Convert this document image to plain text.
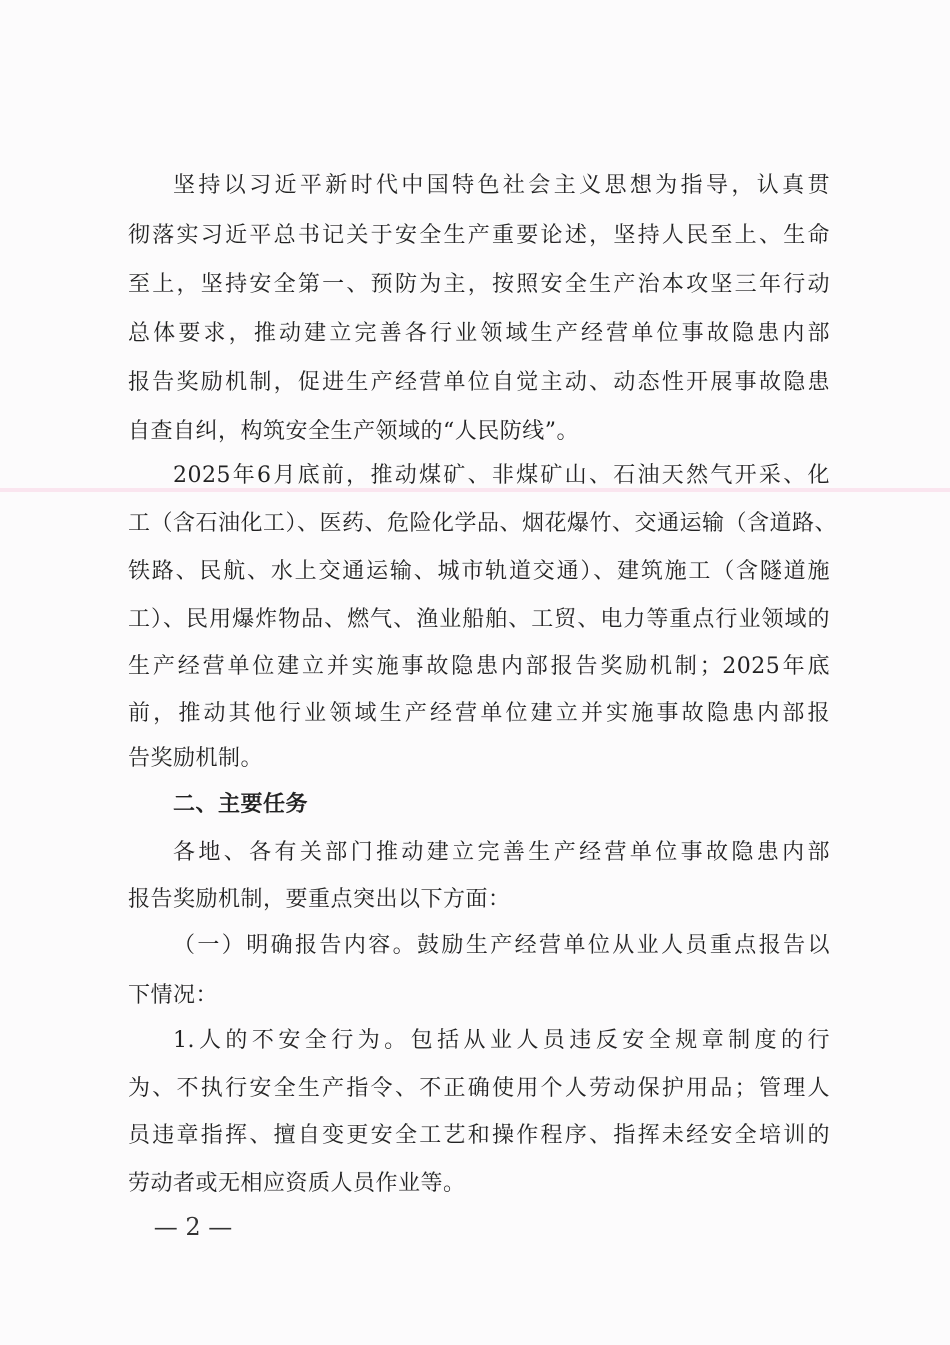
坚持以习近平新时代中国特色社会主义思想为指导，认真贯
彻落实习近平总书记关于安全生产重要论述，坚持人民至上、生命
至上，坚持安全第一、预防为主，按照安全生产治本攻坚三年行动
总体要求，推动建立完善各行业领域生产经营单位事故隐患内部
报告奖励机制，促进生产经营单位自觉主动、动态性开展事故隐患
自查自纠，构筑安全生产领域的“人民防线”。
2025年6月底前，推动煤矿、非煤矿山、石油天然气开采、化
工（含石油化工）、医药、危险化学品、烟花爆竹、交通运输（含道路、
铁路、民航、水上交通运输、城市轨道交通）、建筑施工（含隧道施
工）、民用爆炸物品、燃气、渔业船舶、工贸、电力等重点行业领域的
生产经营单位建立并实施事故隐患内部报告奖励机制；2025年底
前，推动其他行业领域生产经营单位建立并实施事故隐患内部报
告奖励机制。
二、主要任务
各地、各有关部门推动建立完善生产经营单位事故隐患内部
报告奖励机制，要重点突出以下方面：
（一）明确报告内容。鼓励生产经营单位从业人员重点报告以
下情况：
1.人的不安全行为。包括从业人员违反安全规章制度的行
为、不执行安全生产指令、不正确使用个人劳动保护用品；管理人
员违章指挥、擅自变更安全工艺和操作程序、指挥未经安全培训的
劳动者或无相应资质人员作业等。
— 2 —
